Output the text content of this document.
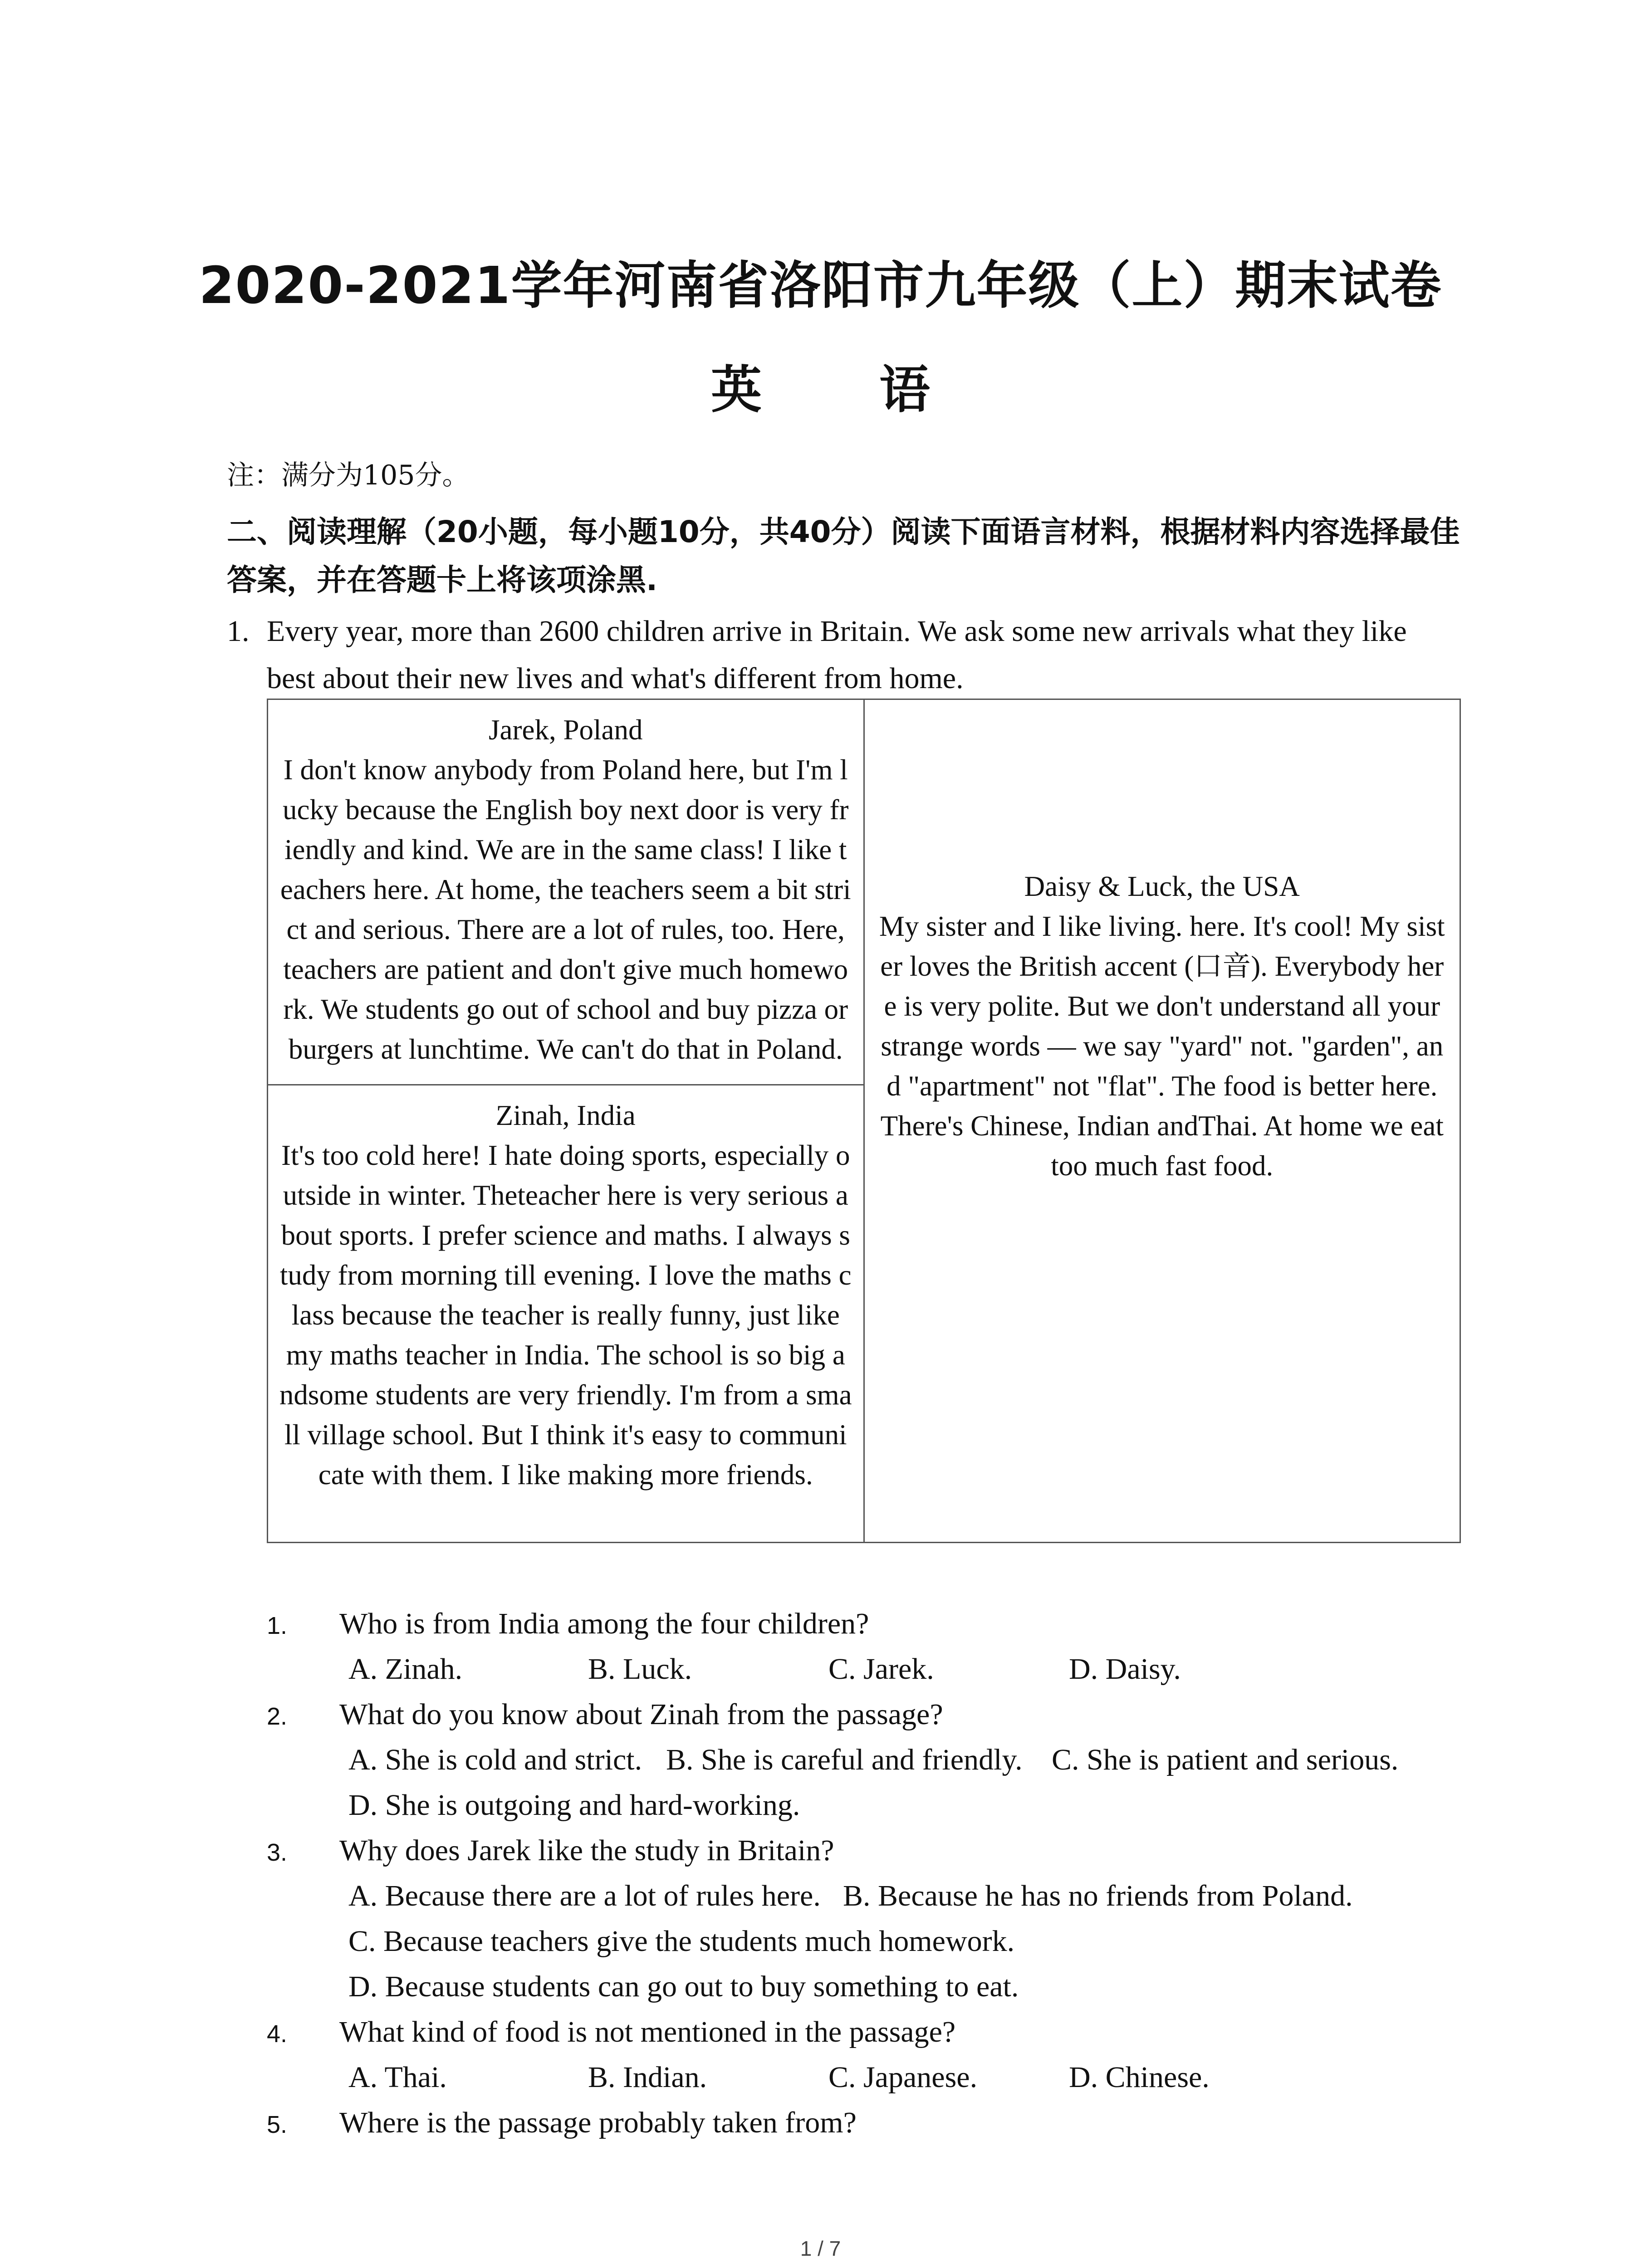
2020-2021学年河南省洛阳市九年级（上）期末试卷
英 语
注：满分为105分。
二、阅读理解（20小题，每小题10分，共40分）阅读下面语言材料，根据材料内容选择最佳答案，并在答题卡上将该项涂黑.
1. Every year, more than 2600 children arrive in Britain. We ask some new arrivals what they like best about their new lives and what's different from home.
Jarek, Poland
I don't know anybody from Poland here, but I'm lucky because the English boy next door is very friendly and kind. We are in the same class! I like teachers here. At home, the teachers seem a bit strict and serious. There are a lot of rules, too. Here, teachers are patient and don't give much homework. We students go out of school and buy pizza or burgers at lunchtime. We can't do that in Poland.	
Daisy & Luck, the USA
My sister and I like living. here. It's cool! My sister loves the British accent (口音). Everybody here is very polite. But we don't understand all your strange words — we say "yard" not. "garden", and "apartment" not "flat". The food is better here. There's Chinese, Indian andThai. At home we eat too much fast food.

Zinah, India
It's too cold here! I hate doing sports, especially outside in winter. Theteacher here is very serious about sports. I prefer science and maths. I always study from morning till evening. I love the maths class because the teacher is really funny, just like my maths teacher in India. The school is so big andsome students are very friendly. I'm from a small village school. But I think it's easy to communicate with them. I like making more friends.
1. Who is from India among the four children?
A. Zinah.	B. Luck.	C. Jarek.	D. Daisy.
2. What do you know about Zinah from the passage?
A. She is cold and strict. B. She is careful and friendly. C. She is patient and serious.
D. She is outgoing and hard-working.
3. Why does Jarek like the study in Britain?
A. Because there are a lot of rules here. B. Because he has no friends from Poland.
C. Because teachers give the students much homework.
D. Because students can go out to buy something to eat.
4. What kind of food is not mentioned in the passage?
A. Thai.	B. Indian.	C. Japanese.	D. Chinese.
5. Where is the passage probably taken from?
1 / 7
